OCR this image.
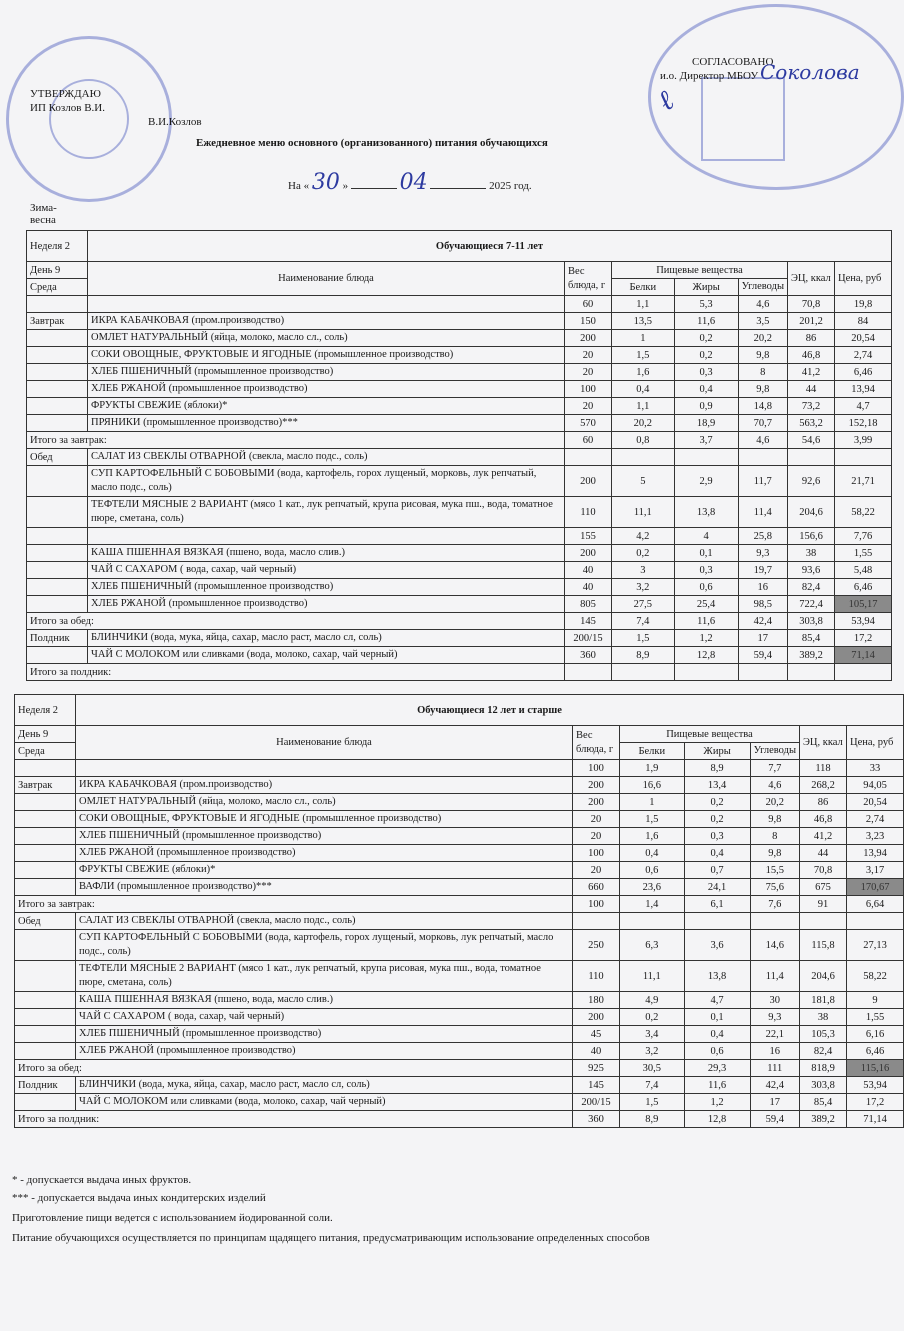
УТВЕРЖДАЮ
ИП Козлов В.И.
В.И.Козлов
СОГЛАСОВАНО
и.о. Директор МБОУ Соколова
ℓ
Ежедневное меню основного (организованного) питания обучающихся
На « 30 » 04	2025 год.
Зима-весна
Неделя 2	Обучающиеся 7-11 лет						
День 9	Наименование блюда	Вес блюда, г	Пищевые вещества			ЭЦ, ккал	Цена, руб
Среда			Белки	Жиры	Углеводы		

		60	1,1	5,3	4,6	70,8	19,8
Завтрак	ИКРА КАБАЧКОВАЯ (пром.производство)	150	13,5	11,6	3,5	201,2	84
	ОМЛЕТ НАТУРАЛЬНЫЙ (яйца, молоко, масло сл., соль)	200	1	0,2	20,2	86	20,54
	СОКИ ОВОЩНЫЕ, ФРУКТОВЫЕ И ЯГОДНЫЕ (промышленное производство)	20	1,5	0,2	9,8	46,8	2,74
	ХЛЕБ ПШЕНИЧНЫЙ (промышленное производство)	20	1,6	0,3	8	41,2	6,46
	ХЛЕБ РЖАНОЙ (промышленное производство)	100	0,4	0,4	9,8	44	13,94
	ФРУКТЫ СВЕЖИЕ (яблоки)*	20	1,1	0,9	14,8	73,2	4,7
	ПРЯНИКИ (промышленное производство)***	570	20,2	18,9	70,7	563,2	152,18
Итого за завтрак:		60	0,8	3,7	4,6	54,6	3,99
Обед	САЛАТ ИЗ СВЕКЛЫ ОТВАРНОЙ (свекла, масло подс., соль)						
	СУП КАРТОФЕЛЬНЫЙ С БОБОВЫМИ (вода, картофель, горох лущеный, морковь, лук репчатый, масло подс., соль)	200	5	2,9	11,7	92,6	21,71
	ТЕФТЕЛИ МЯСНЫЕ 2 ВАРИАНТ (мясо 1 кат., лук репчатый, крупа рисовая, мука пш., вода, томатное пюре, сметана, соль)	110	11,1	13,8	11,4	204,6	58,22
		155	4,2	4	25,8	156,6	7,76
	КАША ПШЕННАЯ ВЯЗКАЯ (пшено, вода, масло слив.)	200	0,2	0,1	9,3	38	1,55
	ЧАЙ С САХАРОМ ( вода, сахар, чай черный)	40	3	0,3	19,7	93,6	5,48
	ХЛЕБ ПШЕНИЧНЫЙ (промышленное производство)	40	3,2	0,6	16	82,4	6,46
	ХЛЕБ РЖАНОЙ (промышленное производство)	805	27,5	25,4	98,5	722,4	105,17
Итого за обед:		145	7,4	11,6	42,4	303,8	53,94
Полдник	БЛИНЧИКИ (вода, мука, яйца, сахар, масло раст, масло сл, соль)	200/15	1,5	1,2	17	85,4	17,2
	ЧАЙ С МОЛОКОМ или сливками (вода, молоко, сахар, чай черный)	360	8,9	12,8	59,4	389,2	71,14
Итого за полдник:							
Неделя 2	Обучающиеся 12 лет и старше						
День 9	Наименование блюда	Вес блюда, г	Пищевые вещества			ЭЦ, ккал	Цена, руб
Среда			Белки	Жиры	Углеводы		

		100	1,9	8,9	7,7	118	33
Завтрак	ИКРА КАБАЧКОВАЯ (пром.производство)	200	16,6	13,4	4,6	268,2	94,05
	ОМЛЕТ НАТУРАЛЬНЫЙ (яйца, молоко, масло сл., соль)	200	1	0,2	20,2	86	20,54
	СОКИ ОВОЩНЫЕ, ФРУКТОВЫЕ И ЯГОДНЫЕ (промышленное производство)	20	1,5	0,2	9,8	46,8	2,74
	ХЛЕБ ПШЕНИЧНЫЙ (промышленное производство)	20	1,6	0,3	8	41,2	3,23
	ХЛЕБ РЖАНОЙ (промышленное производство)	100	0,4	0,4	9,8	44	13,94
	ФРУКТЫ СВЕЖИЕ (яблоки)*	20	0,6	0,7	15,5	70,8	3,17
	ВАФЛИ (промышленное производство)***	660	23,6	24,1	75,6	675	170,67
Итого за завтрак:		100	1,4	6,1	7,6	91	6,64
Обед	САЛАТ ИЗ СВЕКЛЫ ОТВАРНОЙ (свекла, масло подс., соль)						
	СУП КАРТОФЕЛЬНЫЙ С БОБОВЫМИ (вода, картофель, горох лущеный, морковь, лук репчатый, масло подс., соль)	250	6,3	3,6	14,6	115,8	27,13
	ТЕФТЕЛИ МЯСНЫЕ 2 ВАРИАНТ (мясо 1 кат., лук репчатый, крупа рисовая, мука пш., вода, томатное пюре, сметана, соль)	110	11,1	13,8	11,4	204,6	58,22
	КАША ПШЕННАЯ ВЯЗКАЯ (пшено, вода, масло слив.)	180	4,9	4,7	30	181,8	9
	ЧАЙ С САХАРОМ ( вода, сахар, чай черный)	200	0,2	0,1	9,3	38	1,55
	ХЛЕБ ПШЕНИЧНЫЙ (промышленное производство)	45	3,4	0,4	22,1	105,3	6,16
	ХЛЕБ РЖАНОЙ (промышленное производство)	40	3,2	0,6	16	82,4	6,46
Итого за обед:		925	30,5	29,3	111	818,9	115,16
Полдник	БЛИНЧИКИ (вода, мука, яйца, сахар, масло раст, масло сл, соль)	145	7,4	11,6	42,4	303,8	53,94
	ЧАЙ С МОЛОКОМ или сливками (вода, молоко, сахар, чай черный)	200/15	1,5	1,2	17	85,4	17,2
Итого за полдник:		360	8,9	12,8	59,4	389,2	71,14
* - допускается выдача иных фруктов.
*** - допускается выдача иных кондитерских изделий
Приготовление пищи ведется с использованием йодированной соли.
Питание обучающихся осуществляется по принципам щадящего питания, предусматривающим использование определенных способов
